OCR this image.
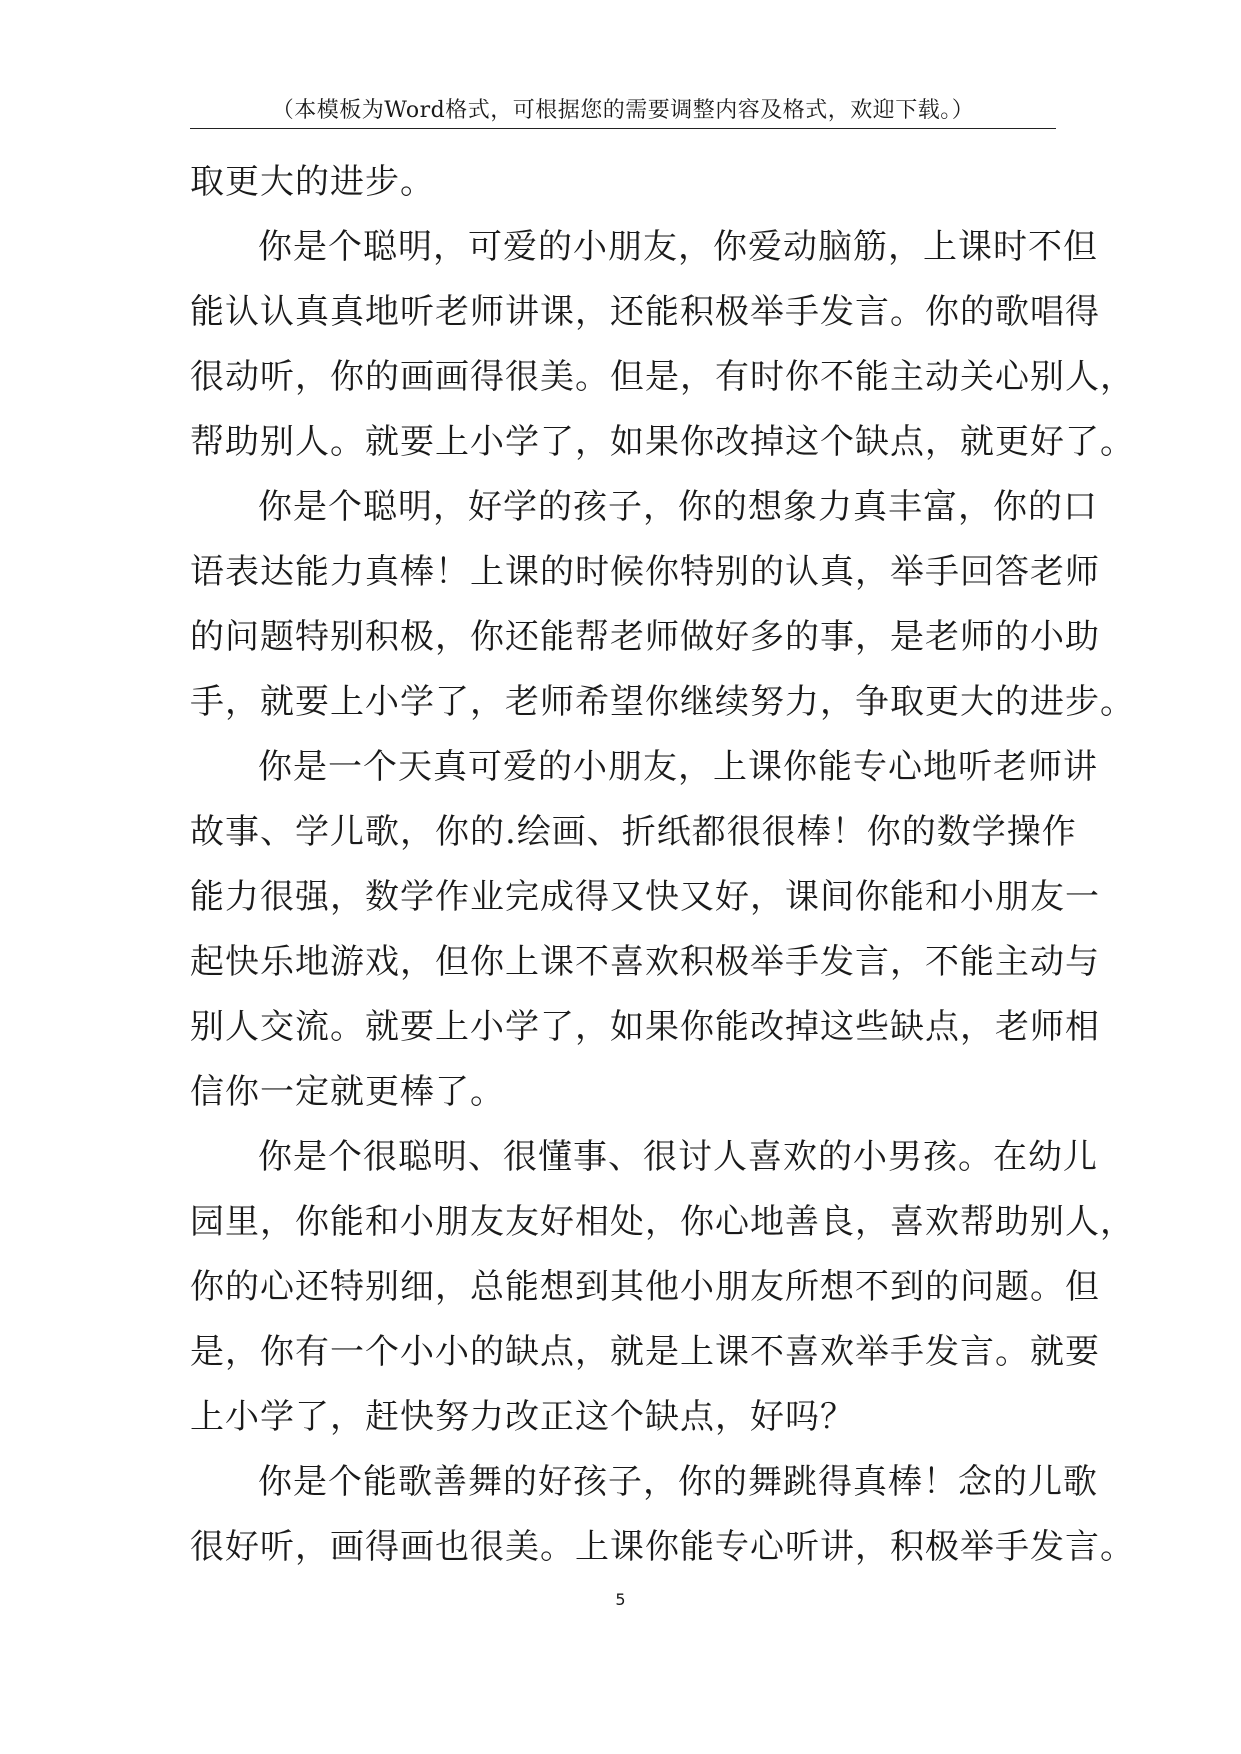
（本模板为Word格式，可根据您的需要调整内容及格式，欢迎下载。）
取更大的进步。
你是个聪明，可爱的小朋友，你爱动脑筋，上课时不但
能认认真真地听老师讲课，还能积极举手发言。你的歌唱得
很动听，你的画画得很美。但是，有时你不能主动关心别人，
帮助别人。就要上小学了，如果你改掉这个缺点，就更好了。
你是个聪明，好学的孩子，你的想象力真丰富，你的口
语表达能力真棒！上课的时候你特别的认真，举手回答老师
的问题特别积极，你还能帮老师做好多的事，是老师的小助
手，就要上小学了，老师希望你继续努力，争取更大的进步。
你是一个天真可爱的小朋友，上课你能专心地听老师讲
故事、学儿歌，你的.绘画、折纸都很很棒！你的数学操作
能力很强，数学作业完成得又快又好，课间你能和小朋友一
起快乐地游戏，但你上课不喜欢积极举手发言，不能主动与
别人交流。就要上小学了，如果你能改掉这些缺点，老师相
信你一定就更棒了。
你是个很聪明、很懂事、很讨人喜欢的小男孩。在幼儿
园里，你能和小朋友友好相处，你心地善良，喜欢帮助别人，
你的心还特别细，总能想到其他小朋友所想不到的问题。但
是，你有一个小小的缺点，就是上课不喜欢举手发言。就要
上小学了，赶快努力改正这个缺点，好吗？
你是个能歌善舞的好孩子，你的舞跳得真棒！念的儿歌
很好听，画得画也很美。上课你能专心听讲，积极举手发言。
5
